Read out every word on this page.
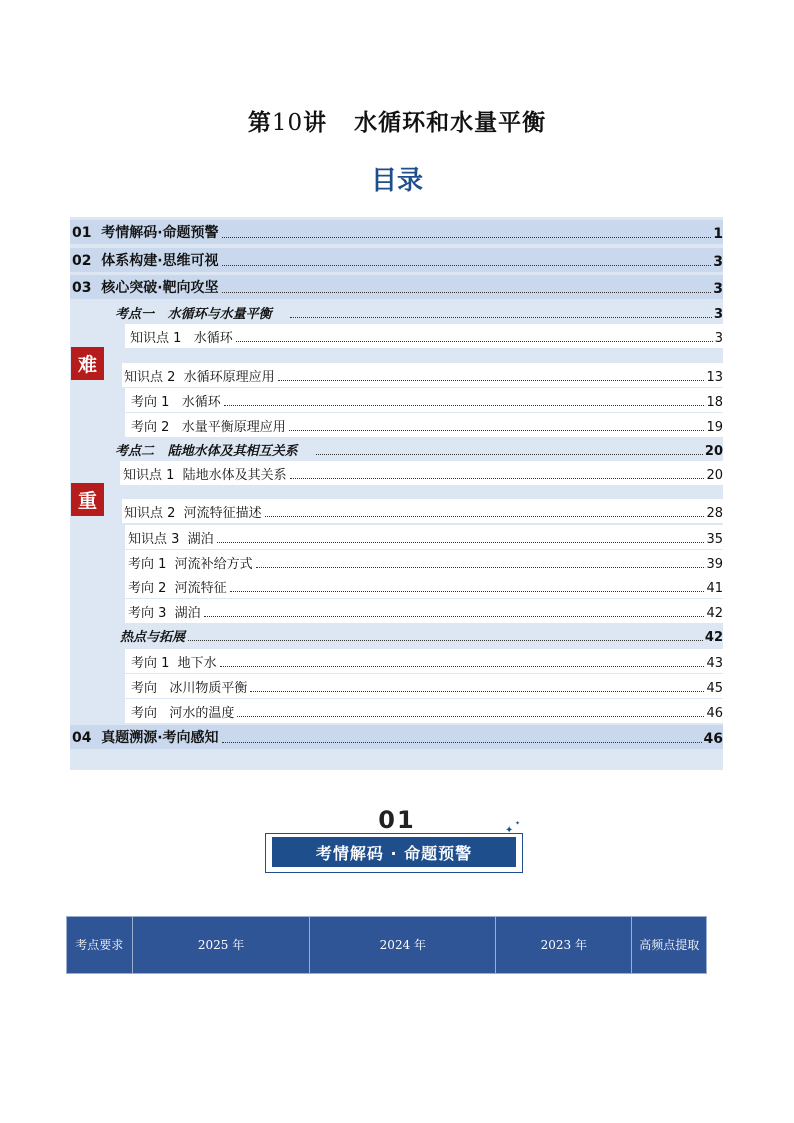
第10讲   水循环和水量平衡
目录
01  考情解码·命题预警	1
02  体系构建·思维可视	3
03  核心突破·靶向攻坚	3
考点一   水循环与水量平衡	3
难
知识点 1   水循环	3
知识点 2  水循环原理应用	13
考向 1   水循环	18
考向 2   水量平衡原理应用	19
考点二   陆地水体及其相互关系	20
重
知识点 1  陆地水体及其关系	20
知识点 2  河流特征描述	28
知识点 3  湖泊	35
考向 1  河流补给方式	39
考向 2  河流特征	41
考向 3  湖泊	42
热点与拓展	42
考向 1  地下水	43
考向   冰川物质平衡	45
考向   河水的温度	46
04  真题溯源·考向感知	46
01
考情解码 · 命题预警
✦
✦
考点要求	2025 年	2024 年	2023 年	高频点提取
